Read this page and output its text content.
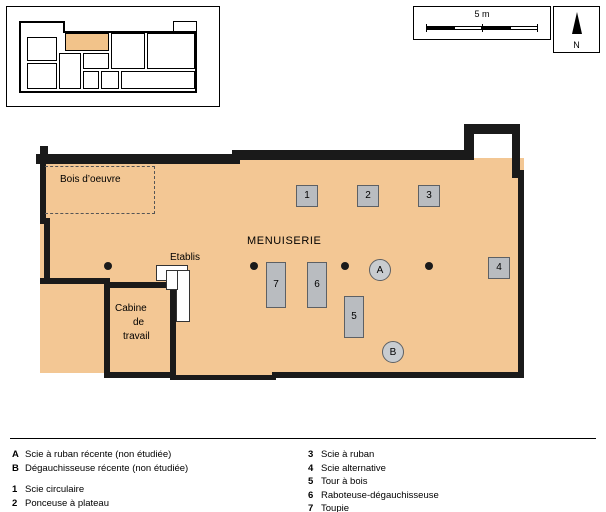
5 m
N
Bois d’oeuvre
MENUISERIE
Cabine
de
travail
Etablis
1	2	3
4
5
6
7
A
B
A Scie à ruban récente (non étudiée)
B Dégauchisseuse récente (non étudiée)
1 Scie circulaire
2 Ponceuse à plateau
3 Scie à ruban
4 Scie alternative
5 Tour à bois
6 Raboteuse-dégauchisseuse
7 Toupie
